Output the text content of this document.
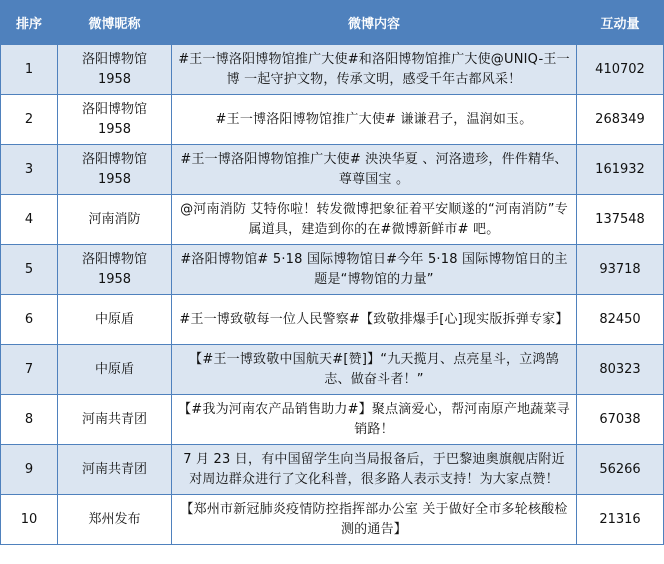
排序	微博昵称	微博内容	互动量
1	洛阳博物馆 1958	#王一博洛阳博物馆推广大使#和洛阳博物馆推广大使@UNIQ-王一博 一起守护文物，传承文明，感受千年古都风采！	410702
2	洛阳博物馆 1958	#王一博洛阳博物馆推广大使# 谦谦君子，温润如玉。	268349
3	洛阳博物馆 1958	#王一博洛阳博物馆推广大使# 泱泱华夏 、河洛遗珍，件件精华、尊尊国宝 。	161932
4	河南消防	@河南消防 艾特你啦！转发微博把象征着平安顺遂的“河南消防”专属道具，建造到你的在#微博新鲜市# 吧。	137548
5	洛阳博物馆 1958	#洛阳博物馆# 5·18 国际博物馆日#今年 5·18 国际博物馆日的主题是“博物馆的力量”	93718
6	中原盾	#王一博致敬每一位人民警察#【致敬排爆手[心]现实版拆弹专家】	82450
7	中原盾	【#王一博致敬中国航天#[赞]】“九天揽月、点亮星斗，立鸿鹄志、做奋斗者！”	80323
8	河南共青团	【#我为河南农产品销售助力#】聚点滴爱心，帮河南原产地蔬菜寻销路！	67038
9	河南共青团	7 月 23 日，有中国留学生向当局报备后，于巴黎迪奥旗舰店附近对周边群众进行了文化科普，很多路人表示支持！为大家点赞！	56266
10	郑州发布	【郑州市新冠肺炎疫情防控指挥部办公室 关于做好全市多轮核酸检测的通告】	21316
